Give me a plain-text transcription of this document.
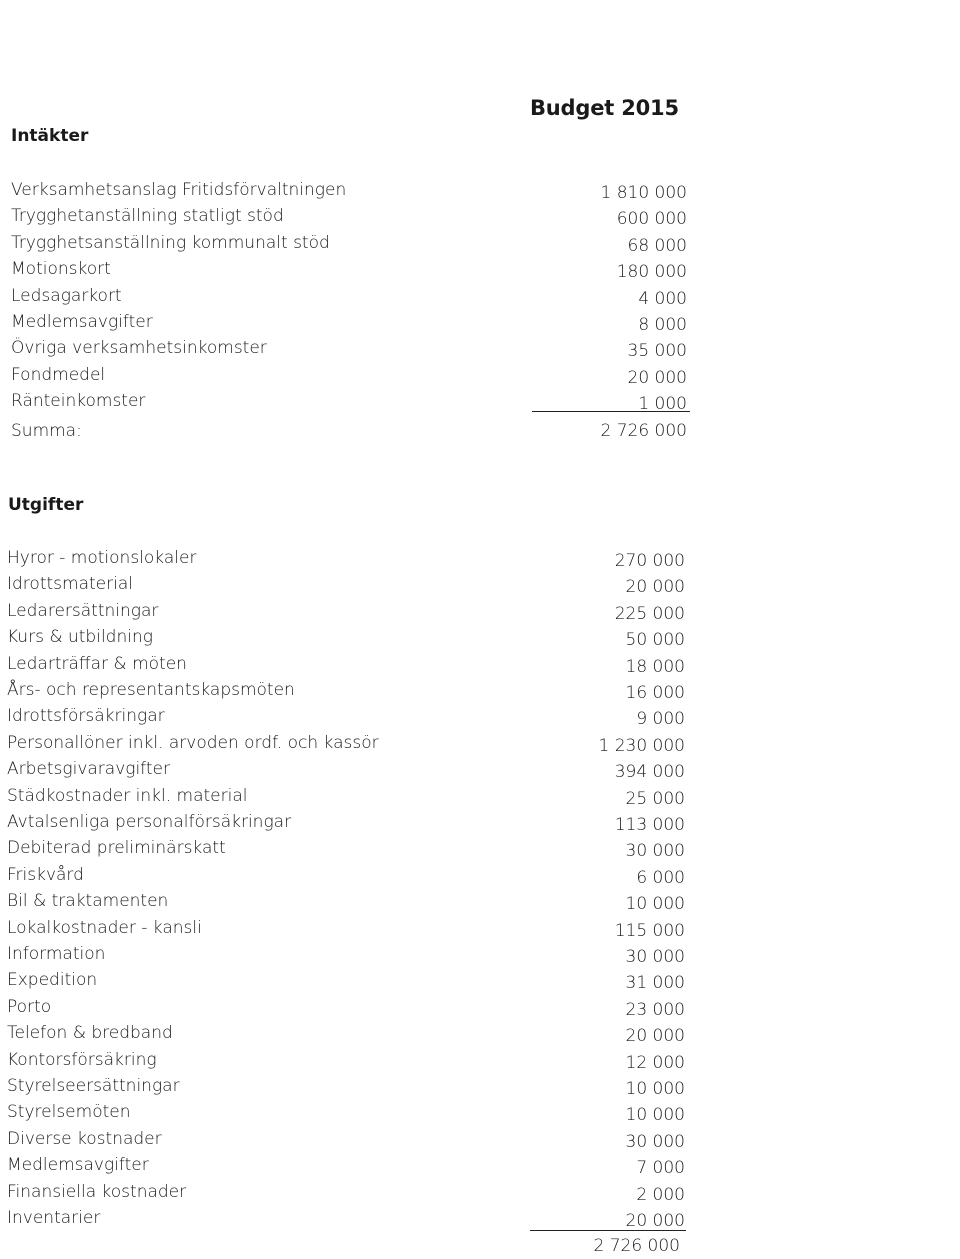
Budget 2015
Intäkter
Verksamhetsanslag Fritidsförvaltningen	1 810 000
Trygghetanställning statligt stöd	600 000
Trygghetsanställning kommunalt stöd	68 000
Motionskort	180 000
Ledsagarkort	4 000
Medlemsavgifter	8 000
Övriga verksamhetsinkomster	35 000
Fondmedel	20 000
Ränteinkomster	1 000
Summa:	2 726 000
Utgifter
Hyror - motionslokaler	270 000
Idrottsmaterial	20 000
Ledarersättningar	225 000
Kurs & utbildning	50 000
Ledarträffar & möten	18 000
Års- och representantskapsmöten	16 000
Idrottsförsäkringar	9 000
Personallöner inkl. arvoden ordf. och kassör	1 230 000
Arbetsgivaravgifter	394 000
Städkostnader inkl. material	25 000
Avtalsenliga personalförsäkringar	113 000
Debiterad preliminärskatt	30 000
Friskvård	6 000
Bil & traktamenten	10 000
Lokalkostnader - kansli	115 000
Information	30 000
Expedition	31 000
Porto	23 000
Telefon & bredband	20 000
Kontorsförsäkring	12 000
Styrelseersättningar	10 000
Styrelsemöten	10 000
Diverse kostnader	30 000
Medlemsavgifter	7 000
Finansiella kostnader	2 000
Inventarier	20 000
2 726 000
